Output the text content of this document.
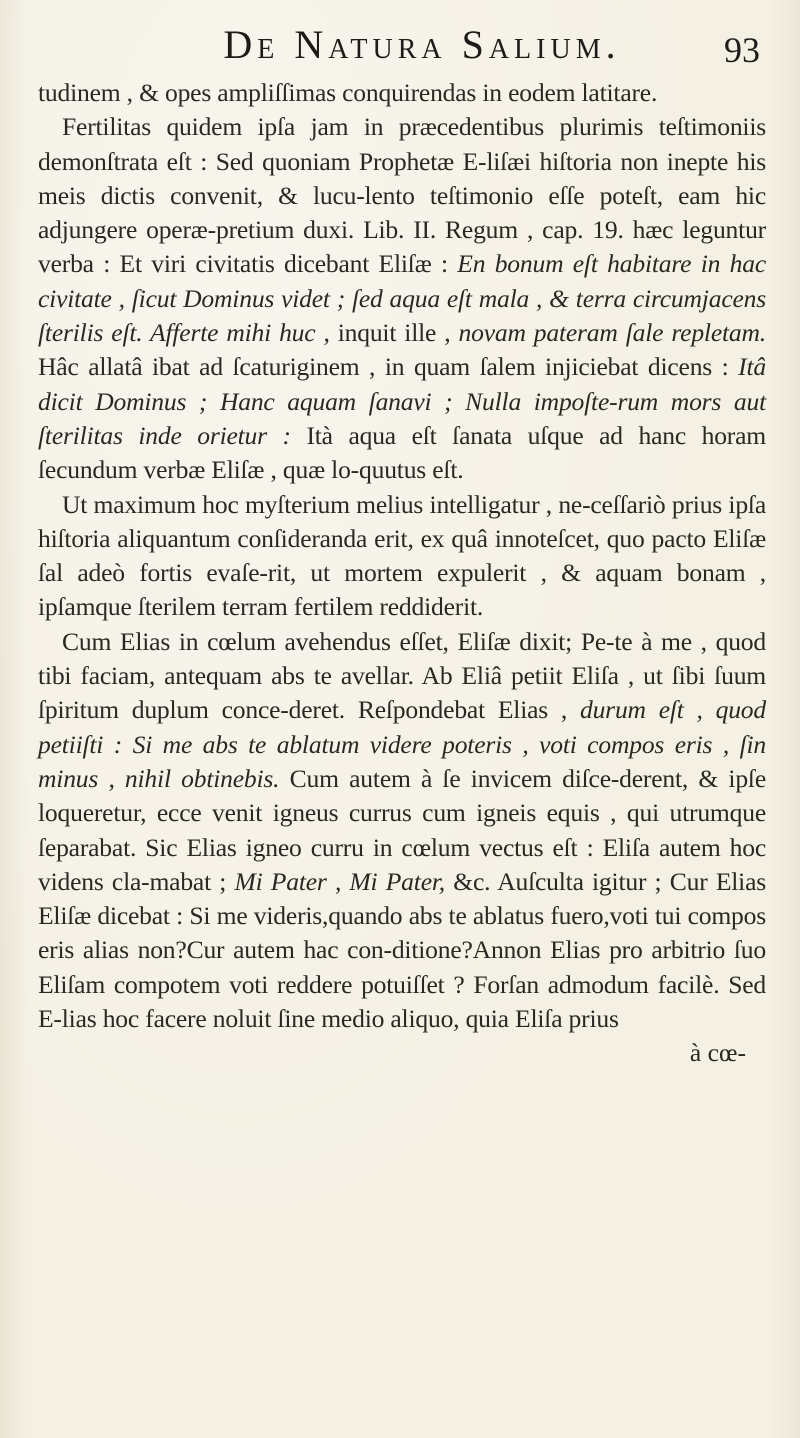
De Natura Salium.	93

tudinem , & opes ampliſſimas conquirendas in eodem latitare.

Fertilitas quidem ipſa jam in præcedentibus plurimis teſtimoniis demonſtrata eſt : Sed quoniam Prophetæ E-liſæi hiſtoria non inepte his meis dictis convenit, & lucu-lento teſtimonio eſſe poteſt, eam hic adjungere operæ-pretium duxi. Lib. II. Regum , cap. 19. hæc leguntur verba : Et viri civitatis dicebant Eliſæ : En bonum eſt habitare in hac civitate , ſicut Dominus videt ; ſed aqua eſt mala , & terra circumjacens ſterilis eſt. Afferte mihi huc , inquit ille , novam pateram ſale repletam. Hâc allatâ ibat ad ſcaturiginem , in quam ſalem injiciebat dicens : Itâ dicit Dominus ; Hanc aquam ſanavi ; Nulla impoſte-rum mors aut ſterilitas inde orietur : Ità aqua eſt ſanata uſque ad hanc horam ſecundum verbæ Eliſæ , quæ lo-quutus eſt.

Ut maximum hoc myſterium melius intelligatur , ne-ceſſariò prius ipſa hiſtoria aliquantum conſideranda erit, ex quâ innoteſcet, quo pacto Eliſæ ſal adeò fortis evaſe-rit, ut mortem expulerit , & aquam bonam , ipſamque ſterilem terram fertilem reddiderit.

Cum Elias in cœlum avehendus eſſet, Eliſæ dixit; Pe-te à me , quod tibi faciam, antequam abs te avellar. Ab Eliâ petiit Eliſa , ut ſibi ſuum ſpiritum duplum conce-deret. Reſpondebat Elias , durum eſt , quod petiiſti : Si me abs te ablatum videre poteris , voti compos eris , ſin minus , nihil obtinebis. Cum autem à ſe invicem diſce-derent, & ipſe loqueretur, ecce venit igneus currus cum igneis equis , qui utrumque ſeparabat. Sic Elias igneo curru in cœlum vectus eſt : Eliſa autem hoc videns cla-mabat ; Mi Pater , Mi Pater, &c. Auſculta igitur ; Cur Elias Eliſæ dicebat : Si me videris,quando abs te ablatus fuero,voti tui compos eris alias non?Cur autem hac con-ditione?Annon Elias pro arbitrio ſuo Eliſam compotem voti reddere potuiſſet ? Forſan admodum facilè. Sed E-lias hoc facere noluit ſine medio aliquo, quia Eliſa prius

à cœ-
